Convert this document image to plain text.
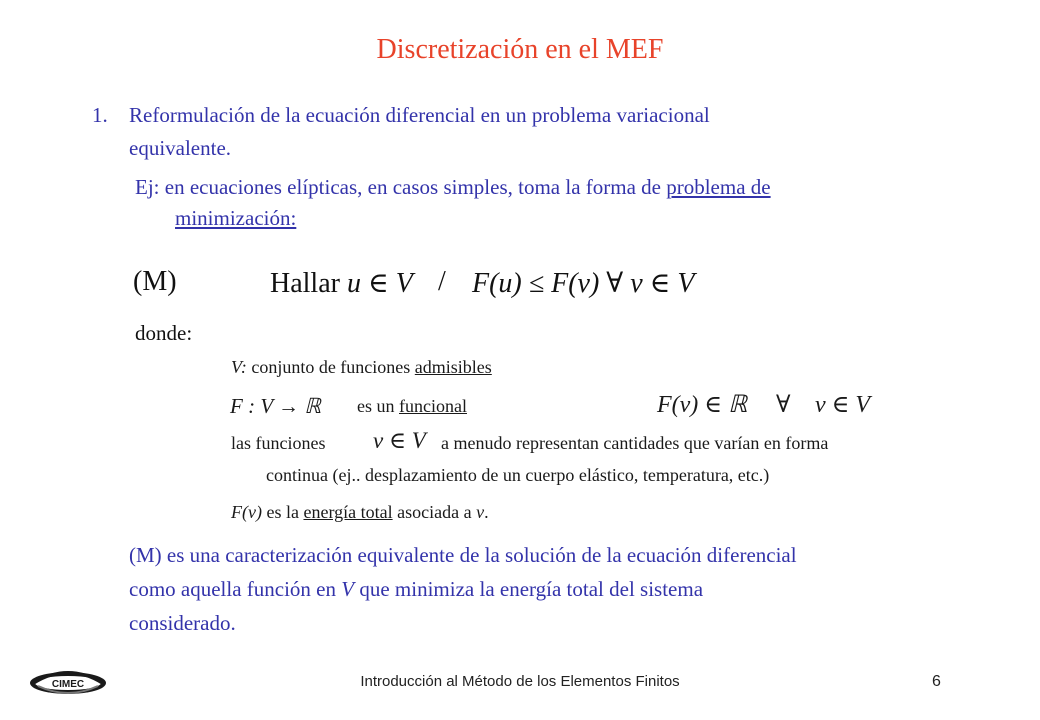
Discretización en el MEF
1. Reformulación de la ecuación diferencial en un problema variacional
equivalente.
Ej: en ecuaciones elípticas, en casos simples, toma la forma de problema de
minimización:
(M)	Hallar u ∈ V / F(u) ≤ F(v) ∀ v ∈ V
donde:
V: conjunto de funciones admisibles
F : V → ℝ es un funcional	F(v) ∈ ℝ ∀ v ∈ V
las funciones v ∈ V a menudo representan cantidades que varían en forma
continua (ej.. desplazamiento de un cuerpo elástico, temperatura, etc.)
F(v) es la energía total asociada a v.
(M) es una caracterización equivalente de la solución de la ecuación diferencial
como aquella función en V que minimiza la energía total del sistema
considerado.
CIMEC	Introducción al Método de los Elementos Finitos	6
